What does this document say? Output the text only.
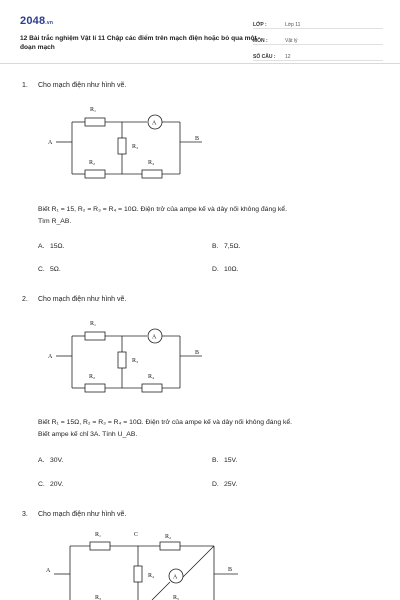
2048.vn
12 Bài trắc nghiệm Vật lí 11 Chập các điểm trên mạch điện hoặc bỏ qua một đoạn mạch
LỚP :	Lớp 11
MÔN :	Vật lý
SỐ CÂU :	12
1. Cho mạch điện như hình vẽ.
A
B
R₁
R₂
R₃
R₄
A
Biết R₁ = 15, R₂ = R₃ = R₄ = 10Ω. Điện trở của ampe kế và dây nối không đáng kể.
Tìm R_AB.
A. 15Ω.	B. 7,5Ω.
C. 5Ω.	D. 10Ω.
2. Cho mạch điện như hình vẽ.
A
B
R₁
R₂
R₃
R₄
A
Biết R₁ = 15Ω, R₂ = R₃ = R₄ = 10Ω. Điện trở của ampe kế và dây nối không đáng kể.
Biết ampe kế chỉ 3A. Tính U_AB.
A. 30V.	B. 15V.
C. 20V.	D. 25V.
3. Cho mạch điện như hình vẽ.
A	B
C
R₁	R₂
R₄
R₃	R₅
A
